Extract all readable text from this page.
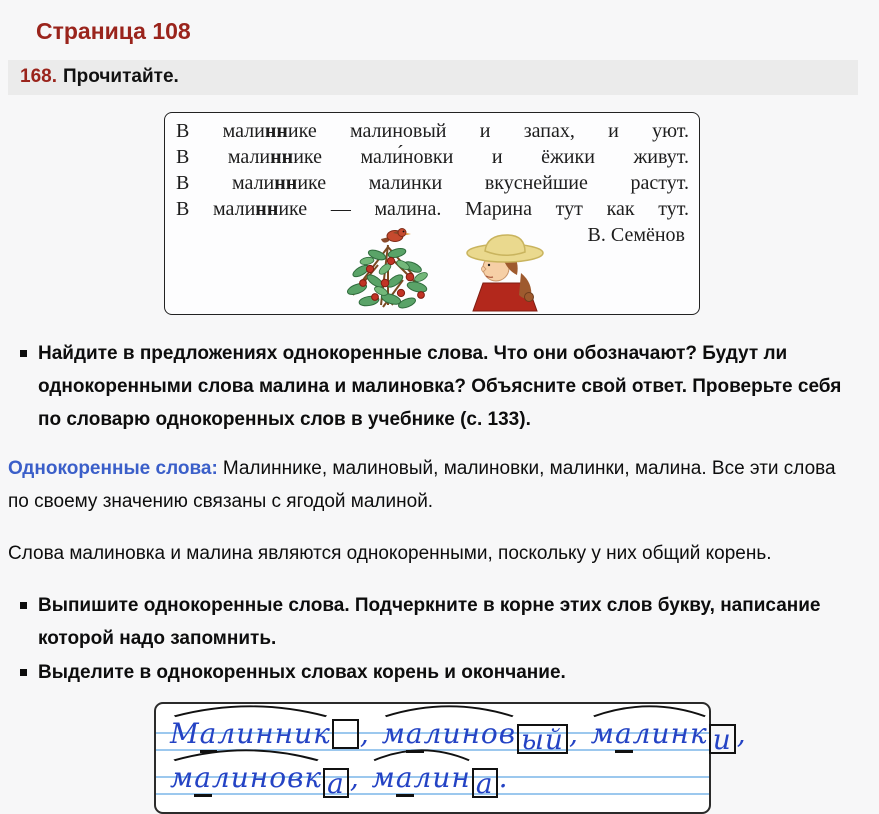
Страница 108
168. Прочитайте.
В малиннике малиновый и запах, и уют.
В малиннике мали́новки и ёжики живут.
В малиннике малинки вкуснейшие растут.
В малиннике — малина. Марина тут как тут.
В. Семёнов
Найдите в предложениях однокоренные слова. Что они обозначают? Будут ли однокоренными слова малина и малиновка? Объясните свой ответ. Проверьте себя по словарю однокоренных слов в учебнике (с. 133).

Однокоренные слова: Малиннике, малиновый, малиновки, малинки, малина. Все эти слова по своему значению связаны с ягодой малиной.

Слова малиновка и малина являются однокоренными, поскольку у них общий корень.

Выпишите однокоренные слова. Подчеркните в корне этих слов букву, написание которой надо запомнить.
Выделите в однокоренных словах корень и окончание.
Малинник , малинов ый , малинк и ,
малиновк а , малин а .
